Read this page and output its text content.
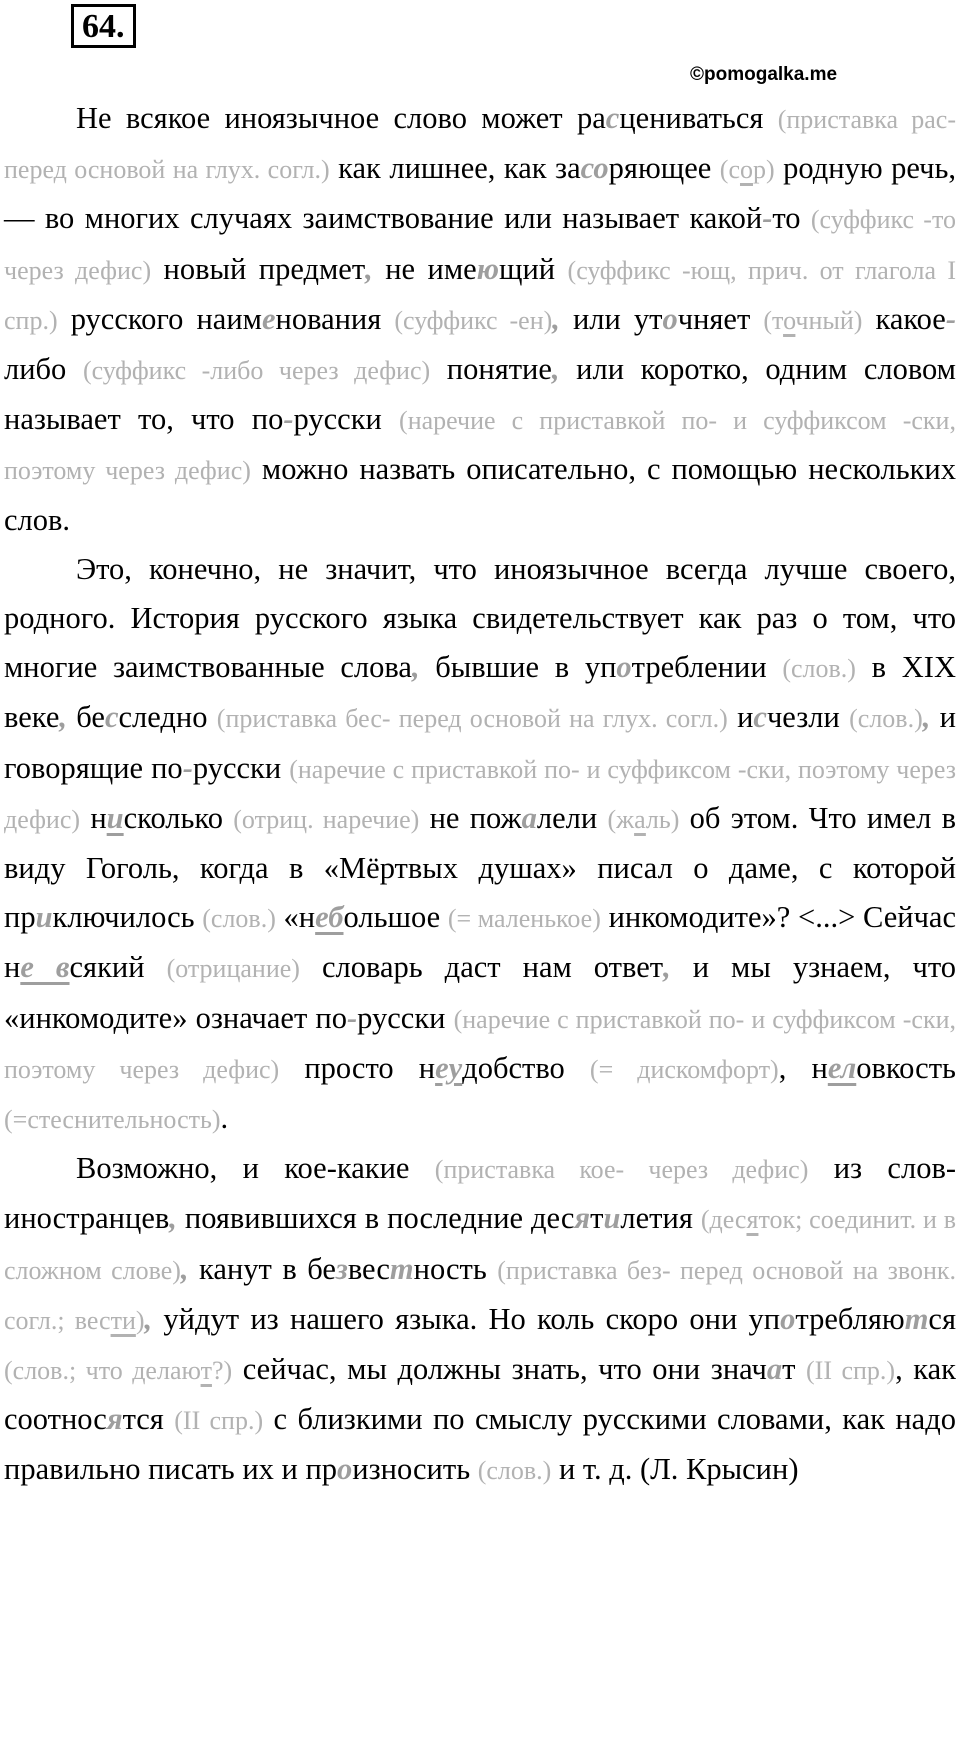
64.
©pomogalka.me

Не всякое иноязычное слово может расцениваться (приставка рас- перед основой на глух. согл.) как лишнее, как засоряющее (сор) родную речь, — во многих случаях заимствование или называет какой-то (суффикс -то через дефис) новый предмет, не имеющий (суффикс -ющ, прич. от глагола I спр.) русского наименования (суффикс -ен), или уточняет (точный) какое-либо (суффикс -либо через дефис) понятие, или коротко, одним словом называет то, что по-русски (наречие с приставкой по- и суффиксом -ски, поэтому через дефис) можно назвать описательно, с помощью нескольких слов.

Это, конечно, не значит, что иноязычное всегда лучше своего, родного. История русского языка свидетельствует как раз о том, что многие заимствованные слова, бывшие в употреблении (слов.) в XIX веке, бесследно (приставка бес- перед основой на глух. согл.) исчезли (слов.), и говорящие по-русски (наречие с приставкой по- и суффиксом -ски, поэтому через дефис) нисколько (отриц. наречие) не пожалели (жаль) об этом. Что имел в виду Гоголь, когда в «Мёртвых душах» писал о даме, с которой приключилось (слов.) «небольшое (= маленькое) инкомодите»? <...> Сейчас не всякий (отрицание) словарь даст нам ответ, и мы узнаем, что «инкомодите» означает по-русски (наречие с приставкой по- и суффиксом -ски, поэтому через дефис) просто неудобство (= дискомфорт), неловкость (=стеснительность).

Возможно, и кое-какие (приставка кое- через дефис) из слов-иностранцев, появившихся в последние десятилетия (десяток; соединит. и в сложном слове), канут в безвестность (приставка без- перед основой на звонк. согл.; вести), уйдут из нашего языка. Но коль скоро они употребляются (слов.; что делают?) сейчас, мы должны знать, что они значат (II спр.), как соотносятся (II спр.) с близкими по смыслу русскими словами, как надо правильно писать их и произносить (слов.) и т. д. (Л. Крысин)
